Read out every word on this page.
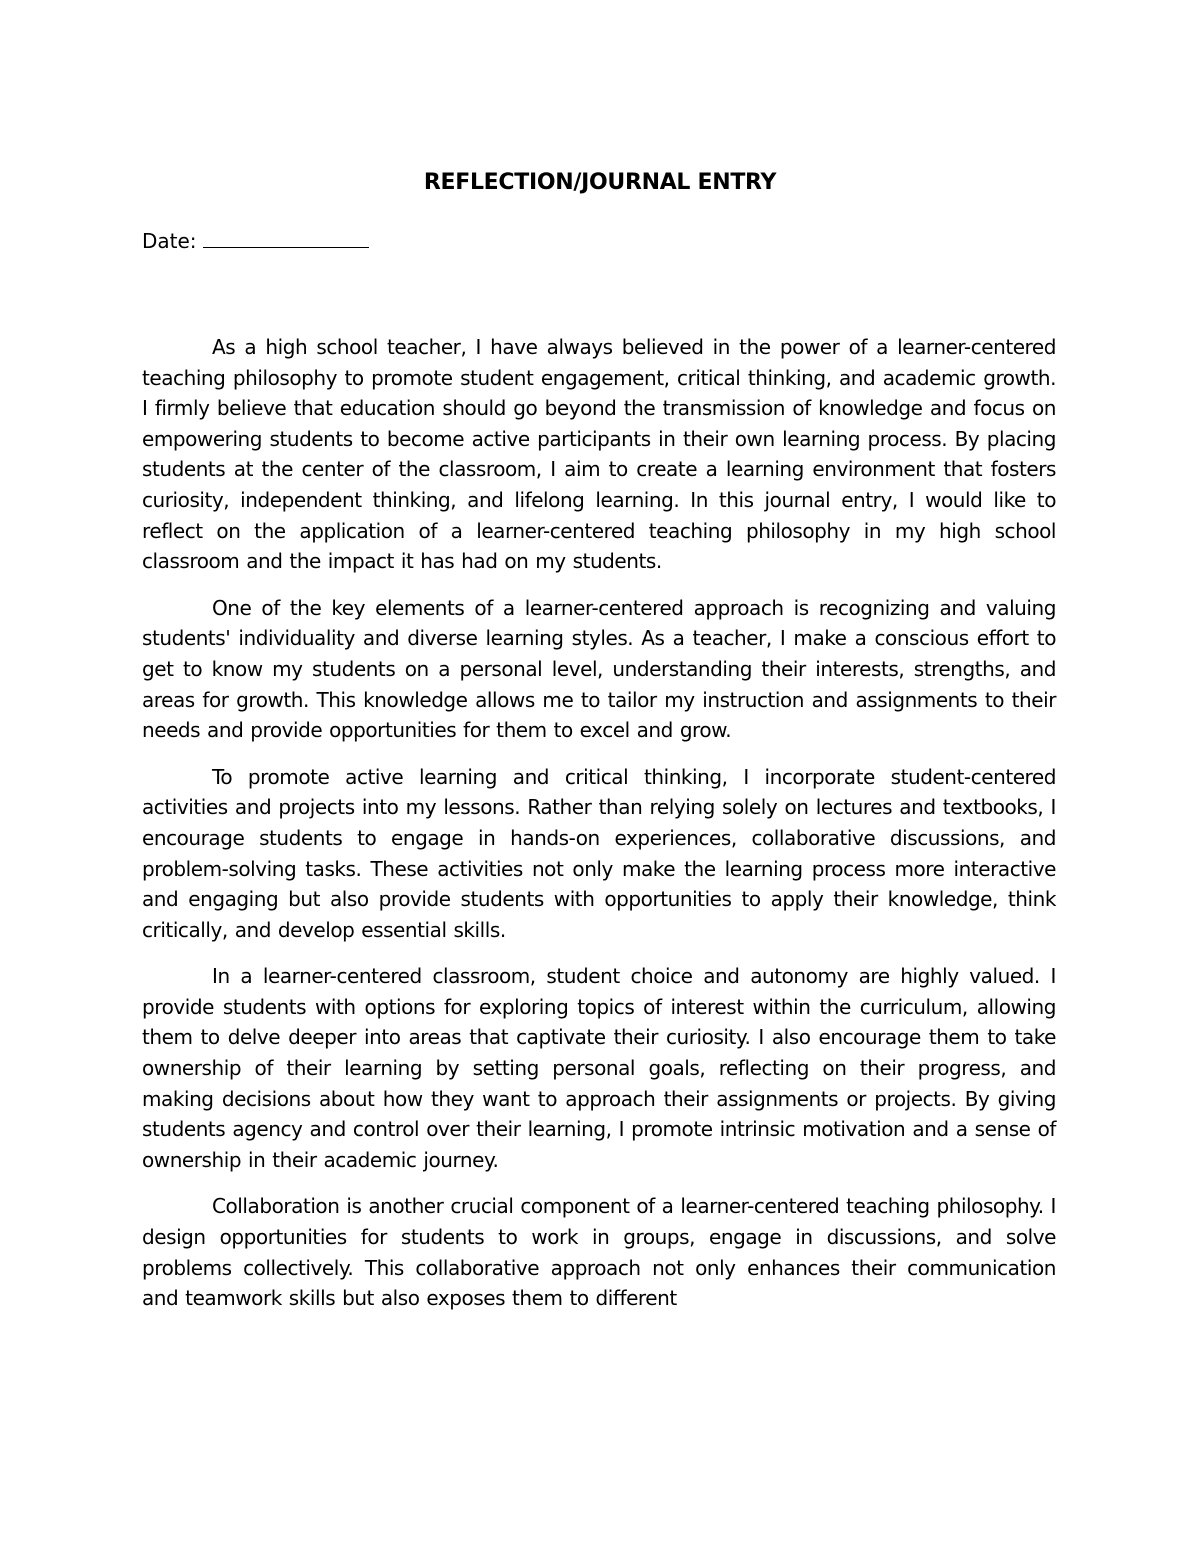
REFLECTION/JOURNAL ENTRY
Date:

As a high school teacher, I have always believed in the power of a learner-centered teaching philosophy to promote student engagement, critical thinking, and academic growth. I firmly believe that education should go beyond the transmission of knowledge and focus on empowering students to become active participants in their own learning process. By placing students at the center of the classroom, I aim to create a learning environment that fosters curiosity, independent thinking, and lifelong learning. In this journal entry, I would like to reflect on the application of a learner-centered teaching philosophy in my high school classroom and the impact it has had on my students.

One of the key elements of a learner-centered approach is recognizing and valuing students' individuality and diverse learning styles. As a teacher, I make a conscious effort to get to know my students on a personal level, understanding their interests, strengths, and areas for growth. This knowledge allows me to tailor my instruction and assignments to their needs and provide opportunities for them to excel and grow.

To promote active learning and critical thinking, I incorporate student-centered activities and projects into my lessons. Rather than relying solely on lectures and textbooks, I encourage students to engage in hands-on experiences, collaborative discussions, and problem-solving tasks. These activities not only make the learning process more interactive and engaging but also provide students with opportunities to apply their knowledge, think critically, and develop essential skills.

In a learner-centered classroom, student choice and autonomy are highly valued. I provide students with options for exploring topics of interest within the curriculum, allowing them to delve deeper into areas that captivate their curiosity. I also encourage them to take ownership of their learning by setting personal goals, reflecting on their progress, and making decisions about how they want to approach their assignments or projects. By giving students agency and control over their learning, I promote intrinsic motivation and a sense of ownership in their academic journey.

Collaboration is another crucial component of a learner-centered teaching philosophy. I design opportunities for students to work in groups, engage in discussions, and solve problems collectively. This collaborative approach not only enhances their communication and teamwork skills but also exposes them to different
